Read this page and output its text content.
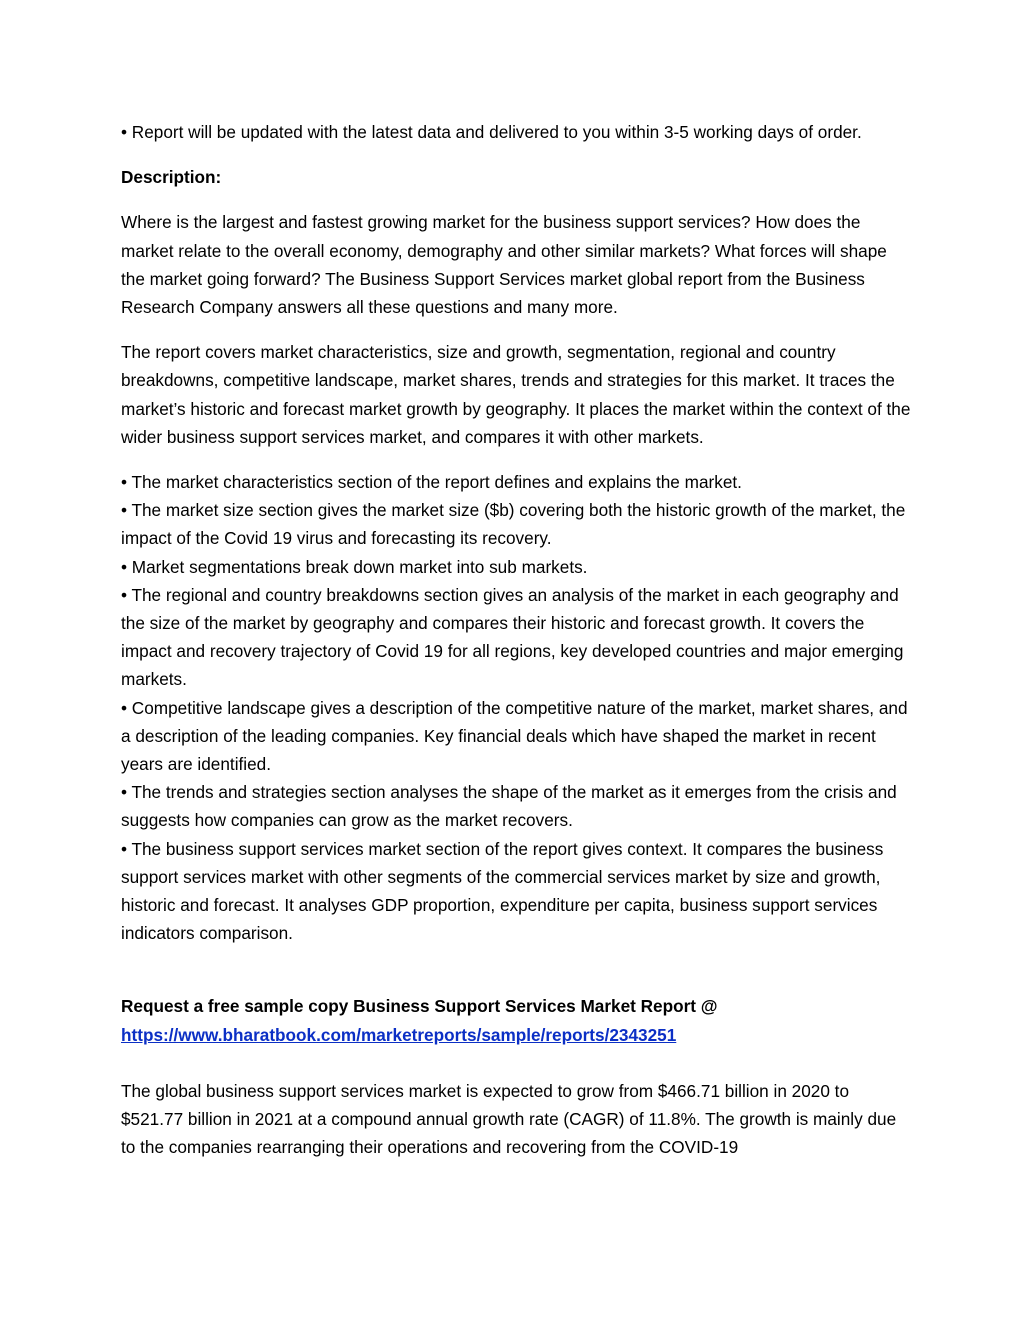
• Report will be updated with the latest data and delivered to you within 3-5 working days of order.

Description:

Where is the largest and fastest growing market for the business support services? How does the market relate to the overall economy, demography and other similar markets? What forces will shape the market going forward? The Business Support Services market global report from the Business Research Company answers all these questions and many more.

The report covers market characteristics, size and growth, segmentation, regional and country breakdowns, competitive landscape, market shares, trends and strategies for this market. It traces the market’s historic and forecast market growth by geography. It places the market within the context of the wider business support services market, and compares it with other markets.

• The market characteristics section of the report defines and explains the market.

• The market size section gives the market size ($b) covering both the historic growth of the market, the impact of the Covid 19 virus and forecasting its recovery.

• Market segmentations break down market into sub markets.

• The regional and country breakdowns section gives an analysis of the market in each geography and the size of the market by geography and compares their historic and forecast growth. It covers the impact and recovery trajectory of Covid 19 for all regions, key developed countries and major emerging markets.

• Competitive landscape gives a description of the competitive nature of the market, market shares, and a description of the leading companies. Key financial deals which have shaped the market in recent years are identified.

• The trends and strategies section analyses the shape of the market as it emerges from the crisis and suggests how companies can grow as the market recovers.

• The business support services market section of the report gives context. It compares the business support services market with other segments of the commercial services market by size and growth, historic and forecast. It analyses GDP proportion, expenditure per capita, business support services indicators comparison.

Request a free sample copy Business Support Services Market Report @

https://www.bharatbook.com/marketreports/sample/reports/2343251

The global business support services market is expected to grow from $466.71 billion in 2020 to $521.77 billion in 2021 at a compound annual growth rate (CAGR) of 11.8%. The growth is mainly due to the companies rearranging their operations and recovering from the COVID-19
